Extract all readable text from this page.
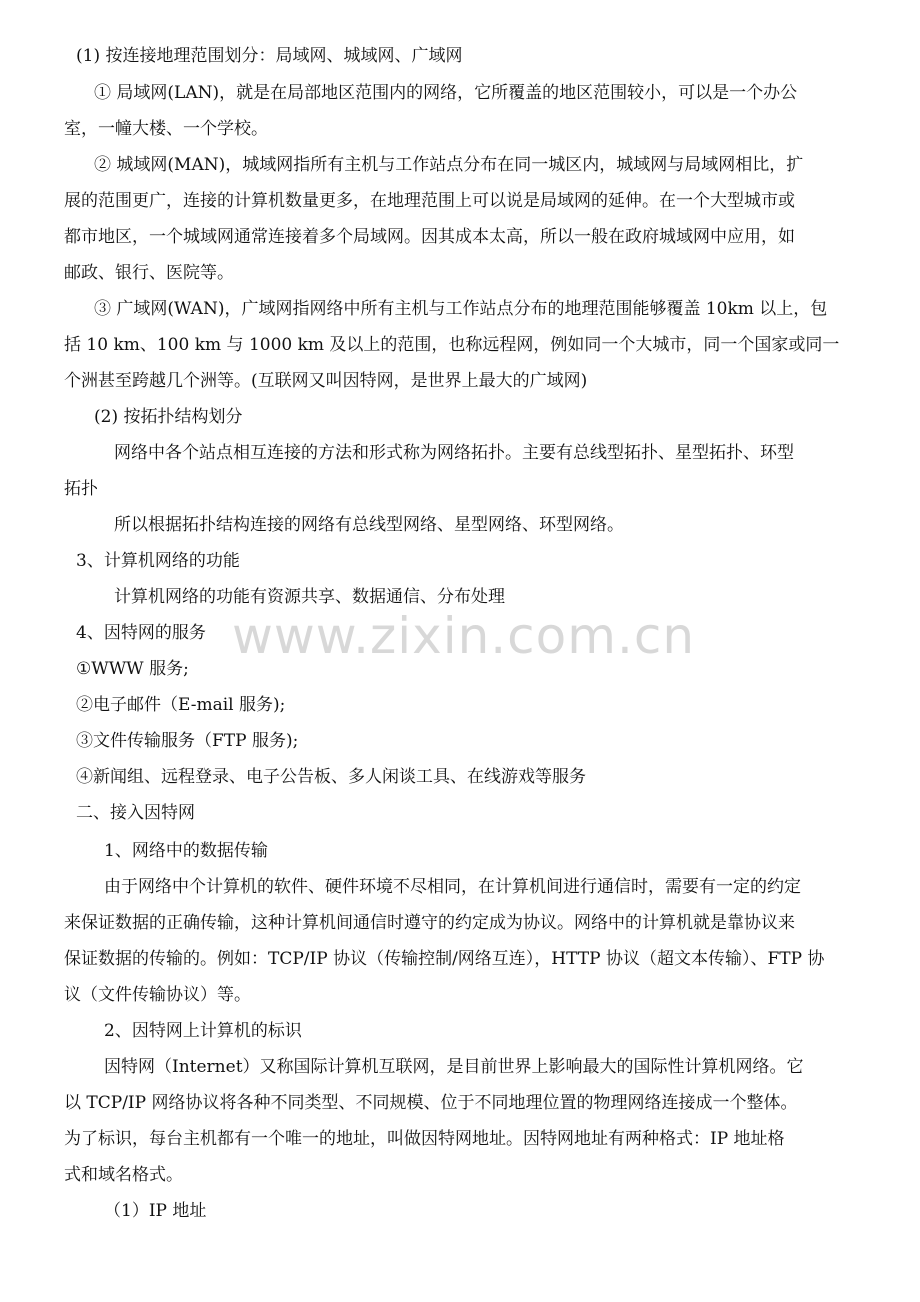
(1) 按连接地理范围划分：局域网、城域网、广域网
① 局域网(LAN)，就是在局部地区范围内的网络，它所覆盖的地区范围较小，可以是一个办公
室，一幢大楼、一个学校。
② 城域网(MAN)，城域网指所有主机与工作站点分布在同一城区内，城域网与局域网相比，扩
展的范围更广，连接的计算机数量更多，在地理范围上可以说是局域网的延伸。在一个大型城市或
都市地区，一个城域网通常连接着多个局域网。因其成本太高，所以一般在政府城域网中应用，如
邮政、银行、医院等。
③ 广域网(WAN)，广域网指网络中所有主机与工作站点分布的地理范围能够覆盖 10km 以上，包
括 10 km、100 km 与 1000 km 及以上的范围，也称远程网，例如同一个大城市，同一个国家或同一
个洲甚至跨越几个洲等。(互联网又叫因特网，是世界上最大的广域网)
(2) 按拓扑结构划分
网络中各个站点相互连接的方法和形式称为网络拓扑。主要有总线型拓扑、星型拓扑、环型
拓扑
所以根据拓扑结构连接的网络有总线型网络、星型网络、环型网络。
3、计算机网络的功能
计算机网络的功能有资源共享、数据通信、分布处理
4、因特网的服务
①WWW 服务;
②电子邮件（E-mail 服务);
③文件传输服务（FTP 服务);
④新闻组、远程登录、电子公告板、多人闲谈工具、在线游戏等服务
二、接入因特网
1、网络中的数据传输
由于网络中个计算机的软件、硬件环境不尽相同，在计算机间进行通信时，需要有一定的约定
来保证数据的正确传输，这种计算机间通信时遵守的约定成为协议。网络中的计算机就是靠协议来
保证数据的传输的。例如：TCP/IP 协议（传输控制/网络互连），HTTP 协议（超文本传输）、FTP 协
议（文件传输协议）等。
2、因特网上计算机的标识
因特网（Internet）又称国际计算机互联网，是目前世界上影响最大的国际性计算机网络。它
以 TCP/IP 网络协议将各种不同类型、不同规模、位于不同地理位置的物理网络连接成一个整体。
为了标识，每台主机都有一个唯一的地址，叫做因特网地址。因特网地址有两种格式：IP 地址格
式和域名格式。
（1）IP 地址
www.zixin.com.cn
